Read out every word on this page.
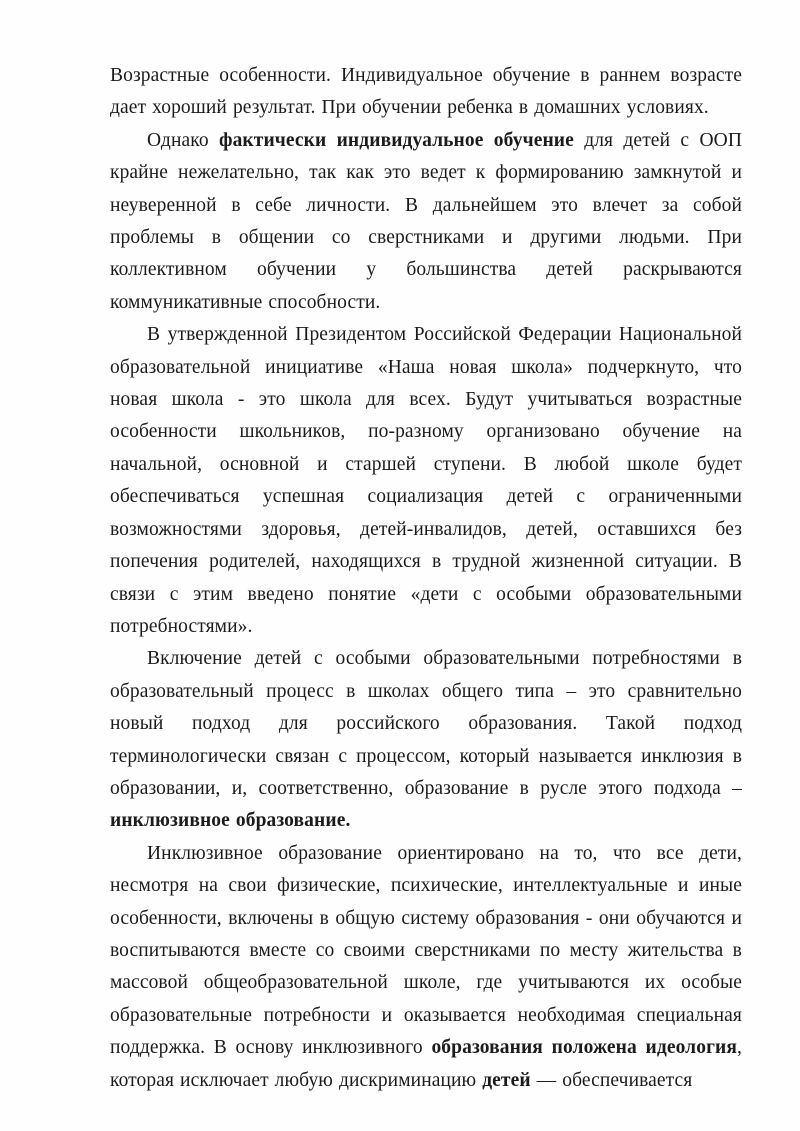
Возрастные особенности. Индивидуальное обучение в раннем возрасте дает хороший результат. При обучении ребенка в домашних условиях.

Однако фактически индивидуальное обучение для детей с ООП крайне нежелательно, так как это ведет к формированию замкнутой и неуверенной в себе личности. В дальнейшем это влечет за собой проблемы в общении со сверстниками и другими людьми. При коллективном обучении у большинства детей раскрываются коммуникативные способности.

В утвержденной Президентом Российской Федерации Национальной образовательной инициативе «Наша новая школа» подчеркнуто, что новая школа - это школа для всех. Будут учитываться возрастные особенности школьников, по-разному организовано обучение на начальной, основной и старшей ступени. В любой школе будет обеспечиваться успешная социализация детей с ограниченными возможностями здоровья, детей-инвалидов, детей, оставшихся без попечения родителей, находящихся в трудной жизненной ситуации. В связи с этим введено понятие «дети с особыми образовательными потребностями».

Включение детей с особыми образовательными потребностями в образовательный процесс в школах общего типа – это сравнительно новый подход для российского образования. Такой подход терминологически связан с процессом, который называется инклюзия в образовании, и, соответственно, образование в русле этого подхода – инклюзивное образование.

Инклюзивное образование ориентировано на то, что все дети, несмотря на свои физические, психические, интеллектуальные и иные особенности, включены в общую систему образования - они обучаются и воспитываются вместе со своими сверстниками по месту жительства в массовой общеобразовательной школе, где учитываются их особые образовательные потребности и оказывается необходимая специальная поддержка. В основу инклюзивного образования положена идеология, которая исключает любую дискриминацию детей — обеспечивается
